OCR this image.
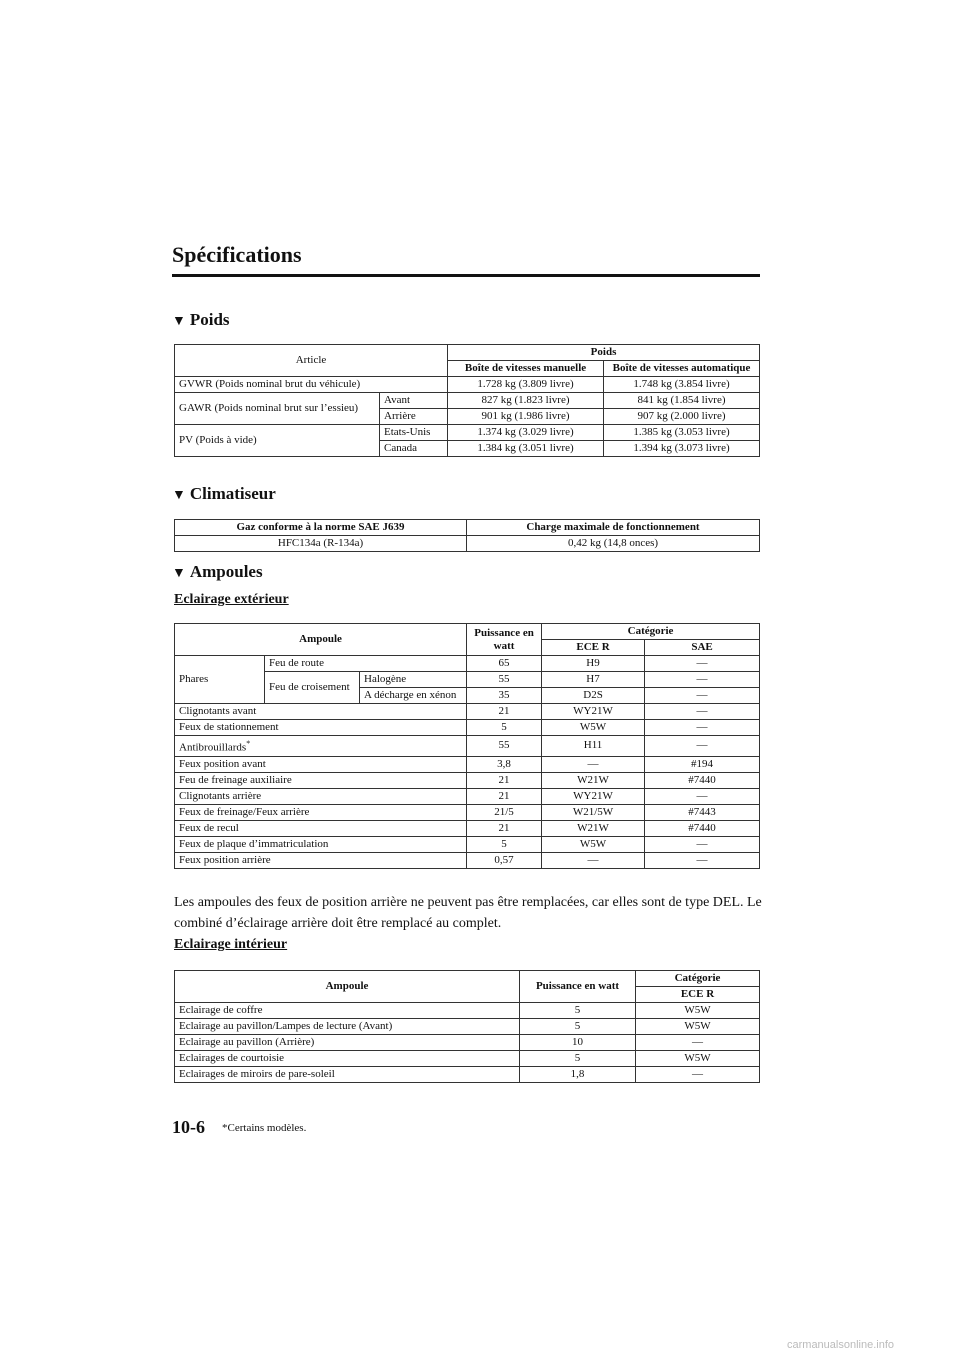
Spécifications
▼ Poids
Article		Poids	
		Boîte de vitesses manuelle	Boîte de vitesses automatique
GVWR (Poids nominal brut du véhicule)		1.728 kg (3.809 livre)	1.748 kg (3.854 livre)
GAWR (Poids nominal brut sur l’essieu)	Avant	827 kg (1.823 livre)	841 kg (1.854 livre)
	Arrière	901 kg (1.986 livre)	907 kg (2.000 livre)
PV (Poids à vide)	Etats-Unis	1.374 kg (3.029 livre)	1.385 kg (3.053 livre)
	Canada	1.384 kg (3.051 livre)	1.394 kg (3.073 livre)
▼ Climatiseur
Gaz conforme à la norme SAE J639	Charge maximale de fonctionnement
HFC134a (R-134a)	0,42 kg (14,8 onces)
▼ Ampoules
Eclairage extérieur
Ampoule			Puissance en watt	Catégorie	
				ECE R	SAE
Phares	Feu de route		65	H9	—
	Feu de croisement	Halogène	55	H7	—
		A décharge en xénon	35	D2S	—
Clignotants avant			21	WY21W	—
Feux de stationnement			5	W5W	—
Antibrouillards*			55	H11	—
Feux position avant			3,8	—	#194
Feu de freinage auxiliaire			21	W21W	#7440
Clignotants arrière			21	WY21W	—
Feux de freinage/Feux arrière			21/5	W21/5W	#7443
Feux de recul			21	W21W	#7440
Feux de plaque d’immatriculation			5	W5W	—
Feux position arrière			0,57	—	—
Les ampoules des feux de position arrière ne peuvent pas être remplacées, car elles sont de type DEL. Le combiné d’éclairage arrière doit être remplacé au complet.
Eclairage intérieur
Ampoule	Puissance en watt	Catégorie
		ECE R
Eclairage de coffre	5	W5W
Eclairage au pavillon/Lampes de lecture (Avant)	5	W5W
Eclairage au pavillon (Arrière)	10	—
Eclairages de courtoisie	5	W5W
Eclairages de miroirs de pare-soleil	1,8	—
10-6 *Certains modèles.
carmanualsonline.info
